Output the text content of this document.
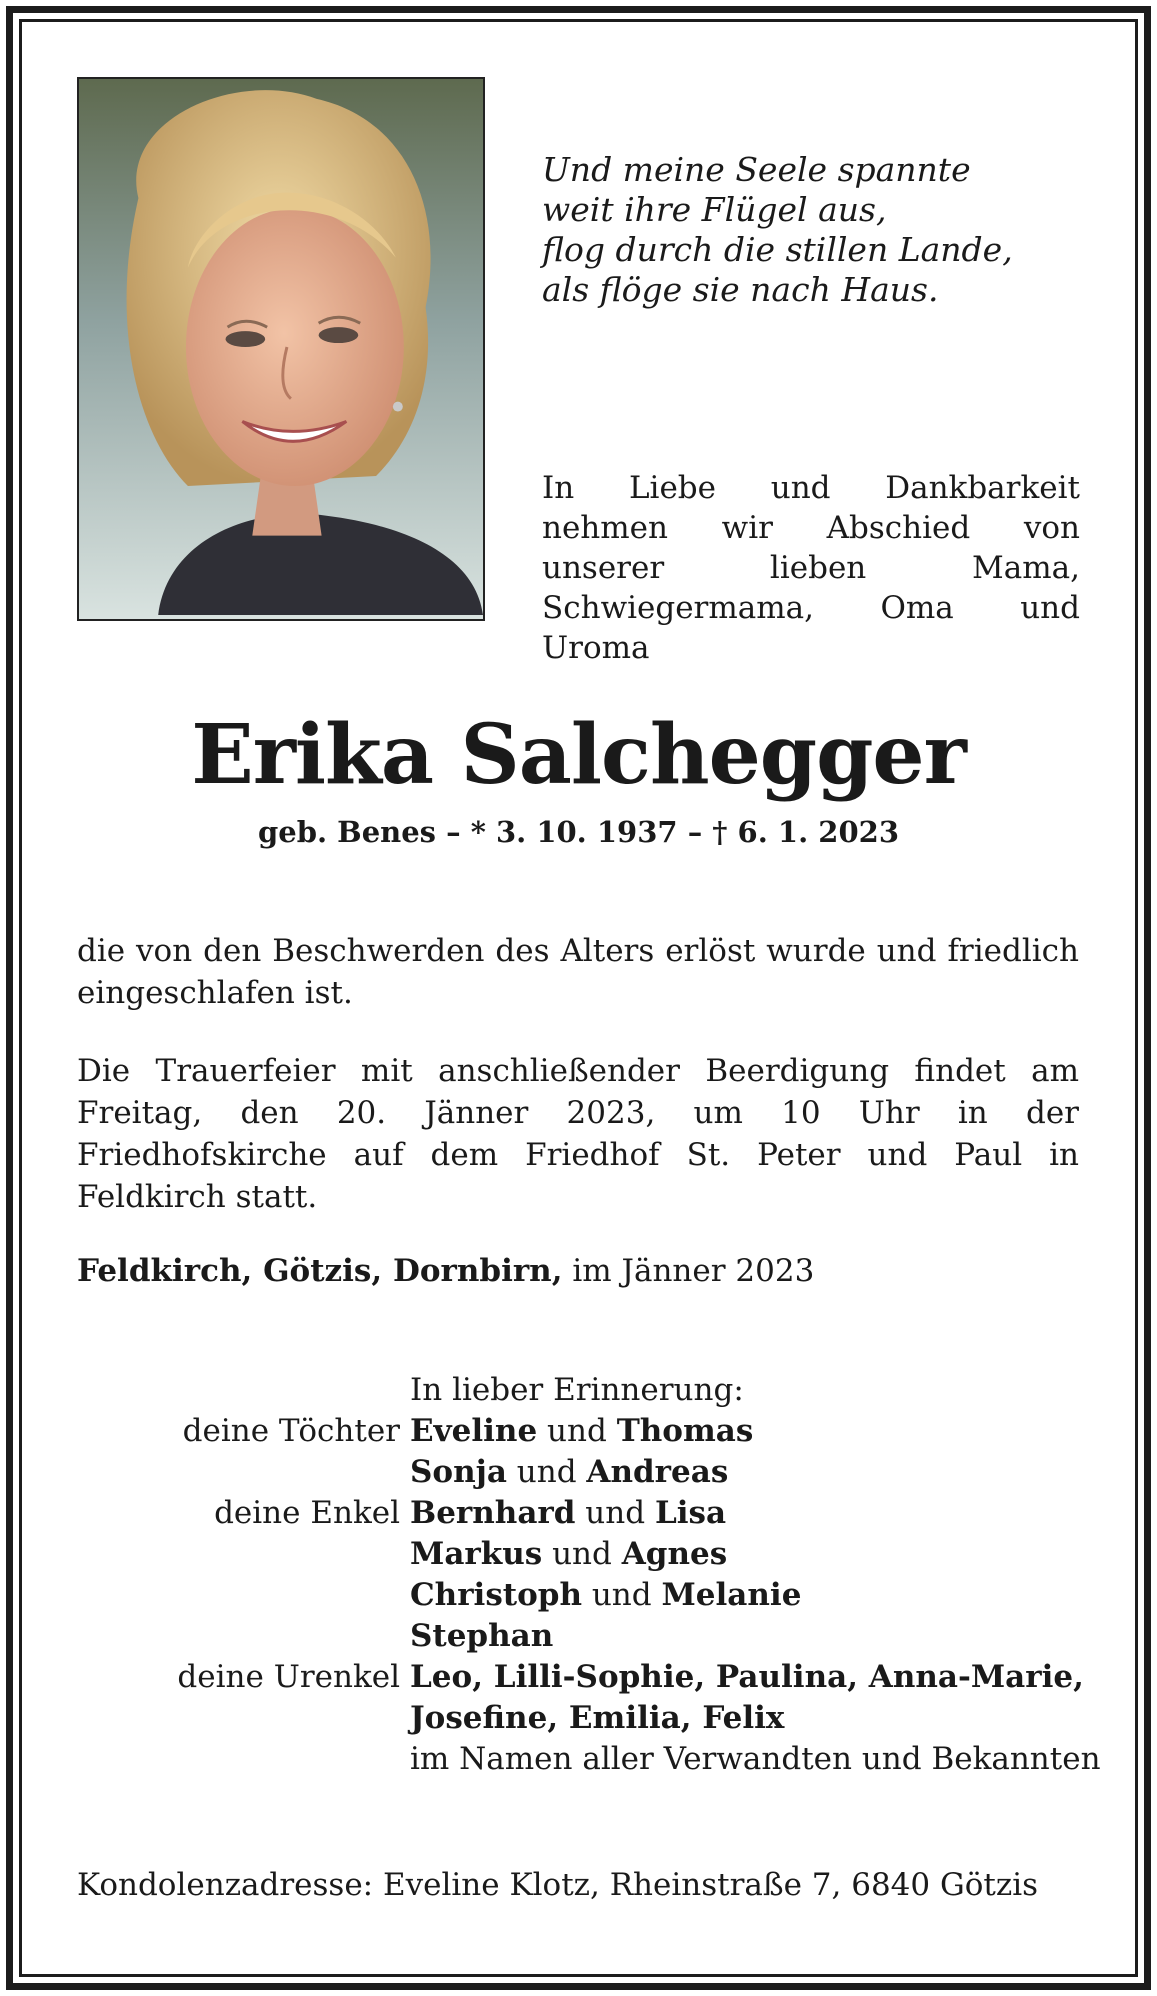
Und meine Seele spannte
weit ihre Flügel aus,
flog durch die stillen Lande,
als flöge sie nach Haus.

In Liebe und Dankbarkeit nehmen wir Abschied von unserer lieben Mama, Schwiegermama, Oma und Uroma

Erika Salchegger

geb. Benes – * 3. 10. 1937 – † 6. 1. 2023

die von den Beschwerden des Alters erlöst wurde und friedlich eingeschlafen ist.

Die Trauerfeier mit anschließender Beerdigung findet am Freitag, den 20. Jänner 2023, um 10 Uhr in der Friedhofskirche auf dem Friedhof St. Peter und Paul in Feldkirch statt.

Feldkirch, Götzis, Dornbirn, im Jänner 2023

In lieber Erinnerung:
deine Töchter Eveline und Thomas
Sonja und Andreas
deine Enkel Bernhard und Lisa
Markus und Agnes
Christoph und Melanie
Stephan
deine Urenkel Leo, Lilli-Sophie, Paulina, Anna-Marie,
Josefine, Emilia, Felix
im Namen aller Verwandten und Bekannten

Kondolenzadresse: Eveline Klotz, Rheinstraße 7, 6840 Götzis
